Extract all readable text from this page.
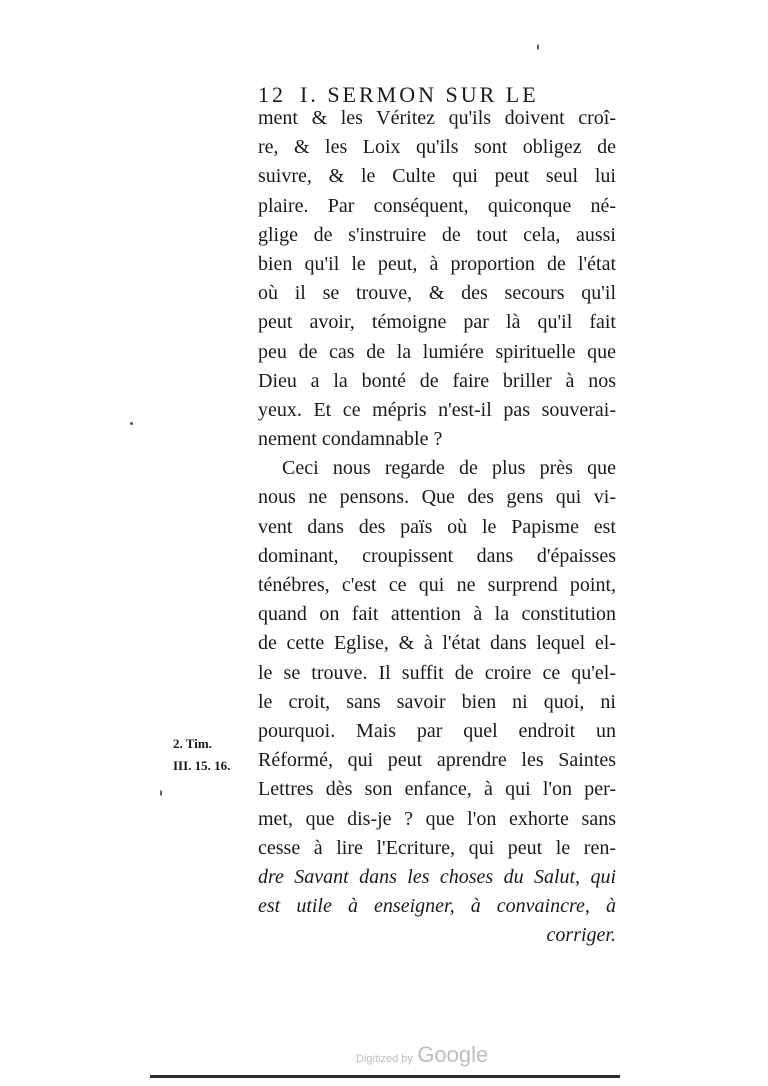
12 I. SERMON SUR LE
ment & les Véritez qu'ils doivent croî-
re, & les Loix qu'ils sont obligez de
suivre, & le Culte qui peut seul lui
plaire. Par conséquent, quiconque né-
glige de s'instruire de tout cela, aussi
bien qu'il le peut, à proportion de l'état
où il se trouve, & des secours qu'il
peut avoir, témoigne par là qu'il fait
peu de cas de la lumiére spirituelle que
Dieu a la bonté de faire briller à nos
yeux. Et ce mépris n'est-il pas souverai-
nement condamnable ?
Ceci nous regarde de plus près que
nous ne pensons. Que des gens qui vi-
vent dans des païs où le Papisme est
dominant, croupissent dans d'épaisses
ténébres, c'est ce qui ne surprend point,
quand on fait attention à la constitution
de cette Eglise, & à l'état dans lequel el-
le se trouve. Il suffit de croire ce qu'el-
le croit, sans savoir bien ni quoi, ni
pourquoi. Mais par quel endroit un
Réformé, qui peut aprendre les Saintes
Lettres dès son enfance, à qui l'on per-
met, que dis-je ? que l'on exhorte sans
cesse à lire l'Ecriture, qui peut le ren-
dre Savant dans les choses du Salut, qui
est utile à enseigner, à convaincre, à
corriger.
2. Tim.
III. 15. 16.
Digitized by Google
